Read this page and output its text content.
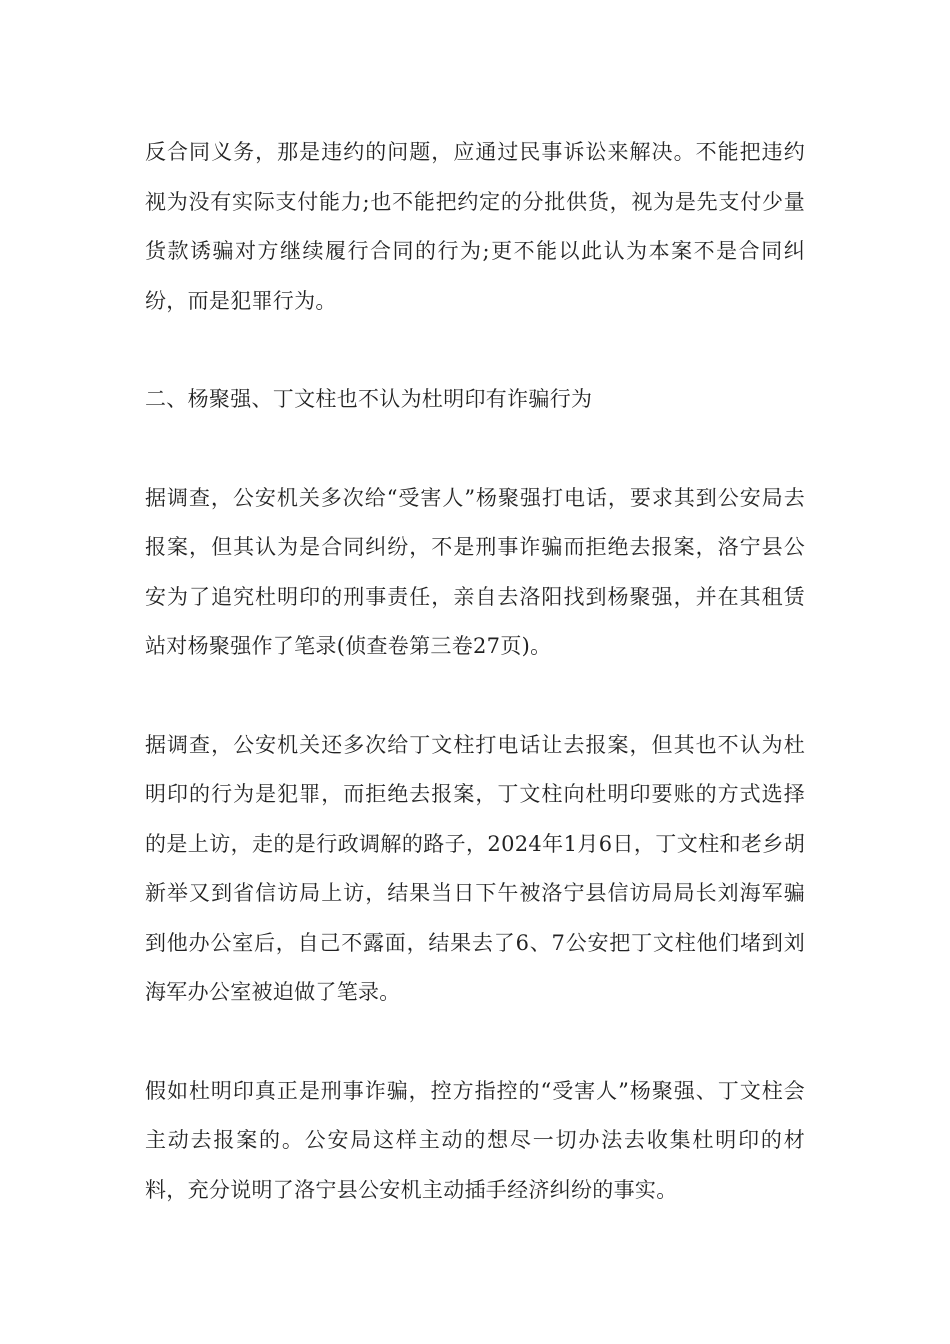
反合同义务，那是违约的问题，应通过民事诉讼来解决。不能把违约视为没有实际支付能力;也不能把约定的分批供货，视为是先支付少量货款诱骗对方继续履行合同的行为;更不能以此认为本案不是合同纠纷，而是犯罪行为。

二、杨聚强、丁文柱也不认为杜明印有诈骗行为

据调查，公安机关多次给“受害人”杨聚强打电话，要求其到公安局去报案，但其认为是合同纠纷，不是刑事诈骗而拒绝去报案，洛宁县公安为了追究杜明印的刑事责任，亲自去洛阳找到杨聚强，并在其租赁站对杨聚强作了笔录(侦查卷第三卷27页)。

据调查，公安机关还多次给丁文柱打电话让去报案，但其也不认为杜明印的行为是犯罪，而拒绝去报案，丁文柱向杜明印要账的方式选择的是上访，走的是行政调解的路子，2024年1月6日，丁文柱和老乡胡新举又到省信访局上访，结果当日下午被洛宁县信访局局长刘海军骗到他办公室后，自己不露面，结果去了6、7公安把丁文柱他们堵到刘海军办公室被迫做了笔录。

假如杜明印真正是刑事诈骗，控方指控的“受害人”杨聚强、丁文柱会主动去报案的。公安局这样主动的想尽一切办法去收集杜明印的材料，充分说明了洛宁县公安机主动插手经济纠纷的事实。
